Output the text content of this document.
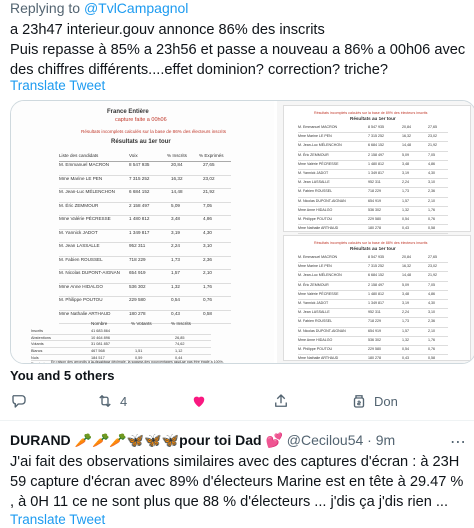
Replying to @TvlCampagnol
a 23h47 interieur.gouv annonce 86% des inscrits
Puis repasse à 85% a 23h56 et passe a nouveau a 86% a 00h06 avec des chiffres différents....effet dominion? correction? triche?
Translate Tweet
France Entière
capture faite a 00h06
Résultats incomplets calculés sur la base de 86% des électeurs inscrits
Résultats au 1er tour
Liste des candidats	Voix	% Inscrits	% Exprimés
M. Emmanuel MACRON	8 547 935	20,84	27,65
Mme Marine LE PEN	7 315 252	16,32	23,02
M. Jean-Luc MÉLENCHON	6 684 152	14,48	21,92
M. Éric ZEMMOUR	2 158 497	5,09	7,05
Mme Valérie PÉCRESSE	1 480 812	3,48	4,86
M. Yannick JADOT	1 349 817	3,19	4,30
M. Jean LASSALLE	952 311	2,24	3,10
M. Fabien ROUSSEL	718 229	1,73	2,36
M. Nicolas DUPONT-AIGNAN 654 919	1,57	2,10
Mme Anne HIDALGO	536 302	1,32	1,76
M. Philippe POUTOU	229 580	0,54	0,76
Mme Nathalie ARTHAUD	180 278	0,43	0,58
Nombre	% Votants	% Inscrits
Inscrits	41 683 864
Abstentions	10 464 896	26,85
Votants	31 081 857	74,62
Blancs	467 568	1,51	1,12
Nuls	184 517	0,59	0,44
En raison des arrondis à la deuxième décimale, la somme des pourcentages peut ne pas être égale à 100%.
Résultats incomplets calculés sur la base de 89% des électeurs inscrits
Résultats au 1er tour
M. Emmanuel MACRON	8 547 935	20,84	27,65
Mme Marine LE PEN	7 315 252	16,32	23,02
M. Jean-Luc MÉLENCHON	6 684 152	14,48	21,92
M. Éric ZEMMOUR	2 158 497	5,09	7,05
Mme Valérie PÉCRESSE	1 480 812	3,48	4,86
M. Yannick JADOT	1 349 817	3,19	4,30
M. Jean LASSALLE	952 311	2,24	3,10
M. Fabien ROUSSEL	718 229	1,73	2,36
M. Nicolas DUPONT-AIGNAN	654 919	1,57	2,10
Mme Anne HIDALGO	536 302	1,32	1,76
M. Philippe POUTOU	229 580	0,54	0,76
Mme Nathalie ARTHAUD	180 278	0,43	0,58
Résultats incomplets calculés sur la base de 88% des électeurs inscrits
Résultats au 1er tour
M. Emmanuel MACRON	8 547 935	20,84	27,65
Mme Marine LE PEN	7 315 252	16,32	23,02
M. Jean-Luc MÉLENCHON	6 684 152	14,48	21,92
M. Éric ZEMMOUR	2 158 497	5,09	7,05
Mme Valérie PÉCRESSE	1 480 812	3,48	4,86
M. Yannick JADOT	1 349 817	3,19	4,30
M. Jean LASSALLE	952 311	2,24	3,10
M. Fabien ROUSSEL	718 229	1,73	2,36
M. Nicolas DUPONT-AIGNAN	654 919	1,57	2,10
Mme Anne HIDALGO	536 302	1,32	1,76
M. Philippe POUTOU	229 580	0,54	0,76
Mme Nathalie ARTHAUD	180 278	0,43	0,58
You and 5 others
4	Don
DURAND 🥕🥕🥕🦋🦋🦋pour toi Dad 💕 @Cecilou54 · 9m	⋯
J'ai fait des observations similaires avec des captures d'écran : à 23H 59 capture d'écran avec 89% d'électeurs Marine est en tête à 29.47 % , à 0H 11 ce ne sont plus que 88 % d'électeurs ... j'dis ça j'dis rien ...
Translate Tweet
